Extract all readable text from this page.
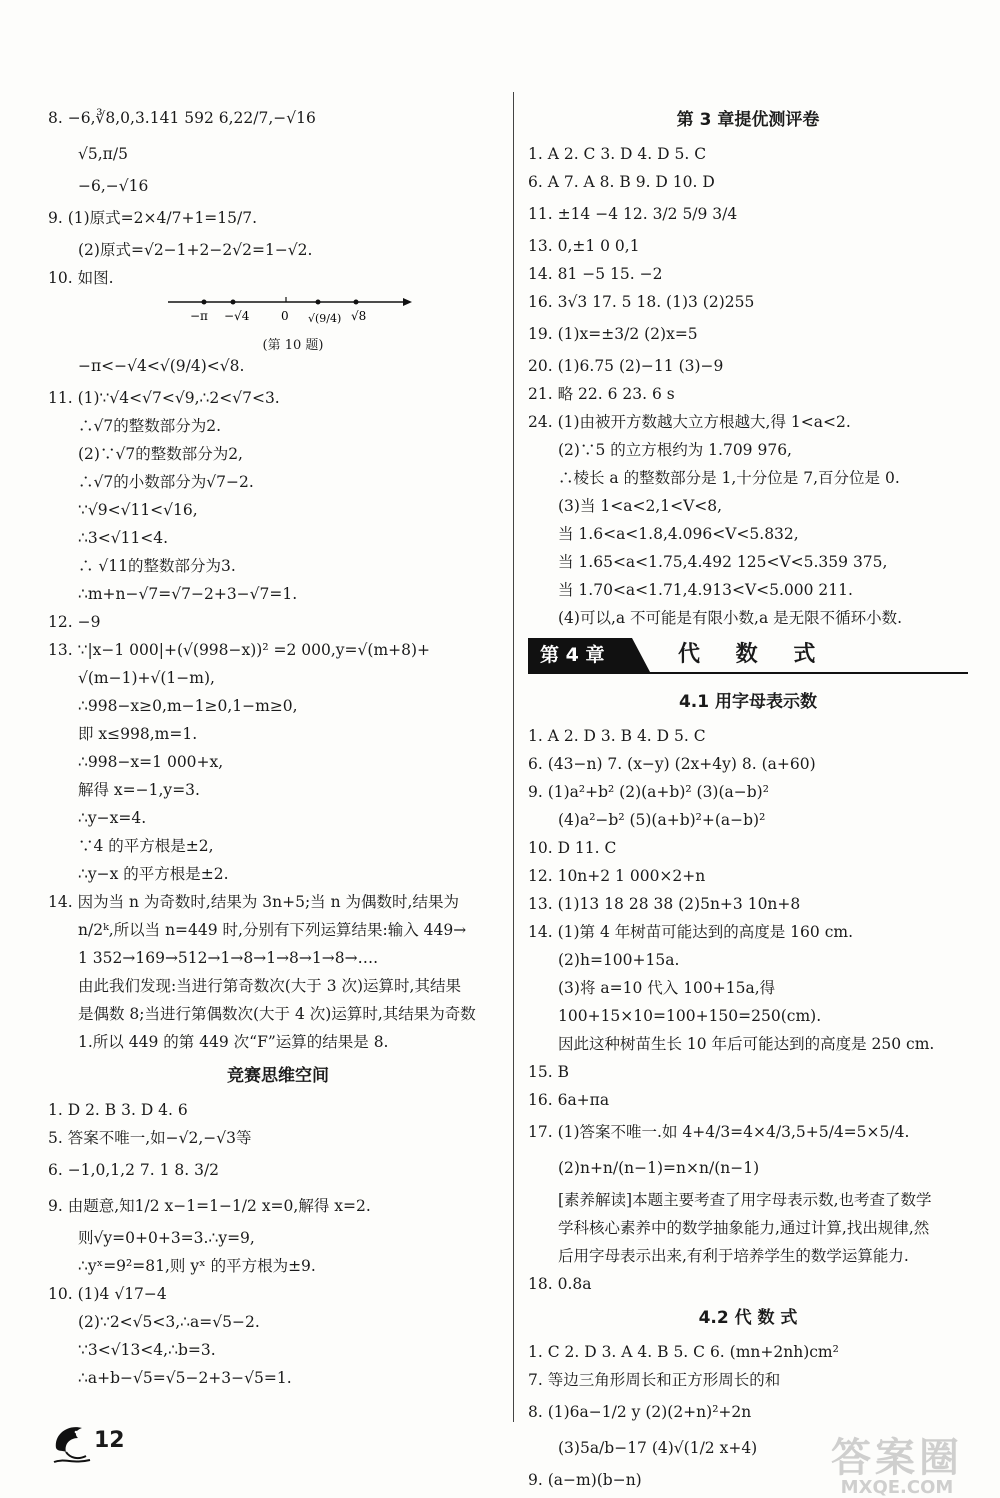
8. −6,∛8,0,3.141 592 6,22/7,−√16
√5,π/5
−6,−√16
9. (1)原式=2×4/7+1=15/7.
(2)原式=√2−1+2−2√2=1−√2.
10. 如图.
−π −√4	0 √(9/4) √8
(第 10 题)
−π<−√4<√(9/4)<√8.
11. (1)∵√4<√7<√9,∴2<√7<3.
∴√7的整数部分为2.
(2)∵√7的整数部分为2,
∴√7的小数部分为√7−2.
∵√9<√11<√16,
∴3<√11<4.
∴ √11的整数部分为3.
∴m+n−√7=√7−2+3−√7=1.
12. −9
13. ∵|x−1 000|+(√(998−x))² =2 000,y=√(m+8)+
√(m−1)+√(1−m),
∴998−x≥0,m−1≥0,1−m≥0,
即 x≤998,m=1.
∴998−x=1 000+x,
解得 x=−1,y=3.
∴y−x=4.
∵4 的平方根是±2,
∴y−x 的平方根是±2.
14. 因为当 n 为奇数时,结果为 3n+5;当 n 为偶数时,结果为
n/2ᵏ,所以当 n=449 时,分别有下列运算结果:输入 449→
1 352→169→512→1→8→1→8→1→8→….
由此我们发现:当进行第奇数次(大于 3 次)运算时,其结果
是偶数 8;当进行第偶数次(大于 4 次)运算时,其结果为奇数
1.所以 449 的第 449 次“F”运算的结果是 8.
竞赛思维空间
1. D 2. B 3. D 4. 6
5. 答案不唯一,如−√2,−√3等
6. −1,0,1,2 7. 1 8. 3/2
9. 由题意,知1/2 x−1=1−1/2 x=0,解得 x=2.
则√y=0+0+3=3.∴y=9,
∴yˣ=9²=81,则 yˣ 的平方根为±9.
10. (1)4 √17−4
(2)∵2<√5<3,∴a=√5−2.
∵3<√13<4,∴b=3.
∴a+b−√5=√5−2+3−√5=1.
第 3 章提优测评卷
1. A 2. C 3. D 4. D 5. C
6. A 7. A 8. B 9. D 10. D
11. ±14 −4 12. 3/2 5/9 3/4
13. 0,±1 0 0,1
14. 81 −5 15. −2
16. 3√3 17. 5 18. (1)3 (2)255
19. (1)x=±3/2 (2)x=5
20. (1)6.75 (2)−11 (3)−9
21. 略 22. 6 23. 6 s
24. (1)由被开方数越大立方根越大,得 1<a<2.
(2)∵5 的立方根约为 1.709 976,
∴棱长 a 的整数部分是 1,十分位是 7,百分位是 0.
(3)当 1<a<2,1<V<8,
当 1.6<a<1.8,4.096<V<5.832,
当 1.65<a<1.75,4.492 125<V<5.359 375,
当 1.70<a<1.71,4.913<V<5.000 211.
(4)可以,a 不可能是有限小数,a 是无限不循环小数.
第 4 章	代 数 式
4.1 用字母表示数
1. A 2. D 3. B 4. D 5. C
6. (43−n) 7. (x−y) (2x+4y) 8. (a+60)
9. (1)a²+b² (2)(a+b)² (3)(a−b)²
(4)a²−b² (5)(a+b)²+(a−b)²
10. D 11. C
12. 10n+2 1 000×2+n
13. (1)13 18 28 38 (2)5n+3 10n+8
14. (1)第 4 年树苗可能达到的高度是 160 cm.
(2)h=100+15a.
(3)将 a=10 代入 100+15a,得
100+15×10=100+150=250(cm).
因此这种树苗生长 10 年后可能达到的高度是 250 cm.
15. B
16. 6a+πa
17. (1)答案不唯一.如 4+4/3=4×4/3,5+5/4=5×5/4.
(2)n+n/(n−1)=n×n/(n−1)
[素养解读]本题主要考查了用字母表示数,也考查了数学
学科核心素养中的数学抽象能力,通过计算,找出规律,然
后用字母表示出来,有利于培养学生的数学运算能力.
18. 0.8a
4.2 代 数 式
1. C 2. D 3. A 4. B 5. C 6. (mn+2nh)cm²
7. 等边三角形周长和正方形周长的和
8. (1)6a−1/2 y (2)(2+n)²+2n
(3)5a/b−17 (4)√(1/2 x+4)
9. (a−m)(b−n)
12	答案圈
MXQE.COM
